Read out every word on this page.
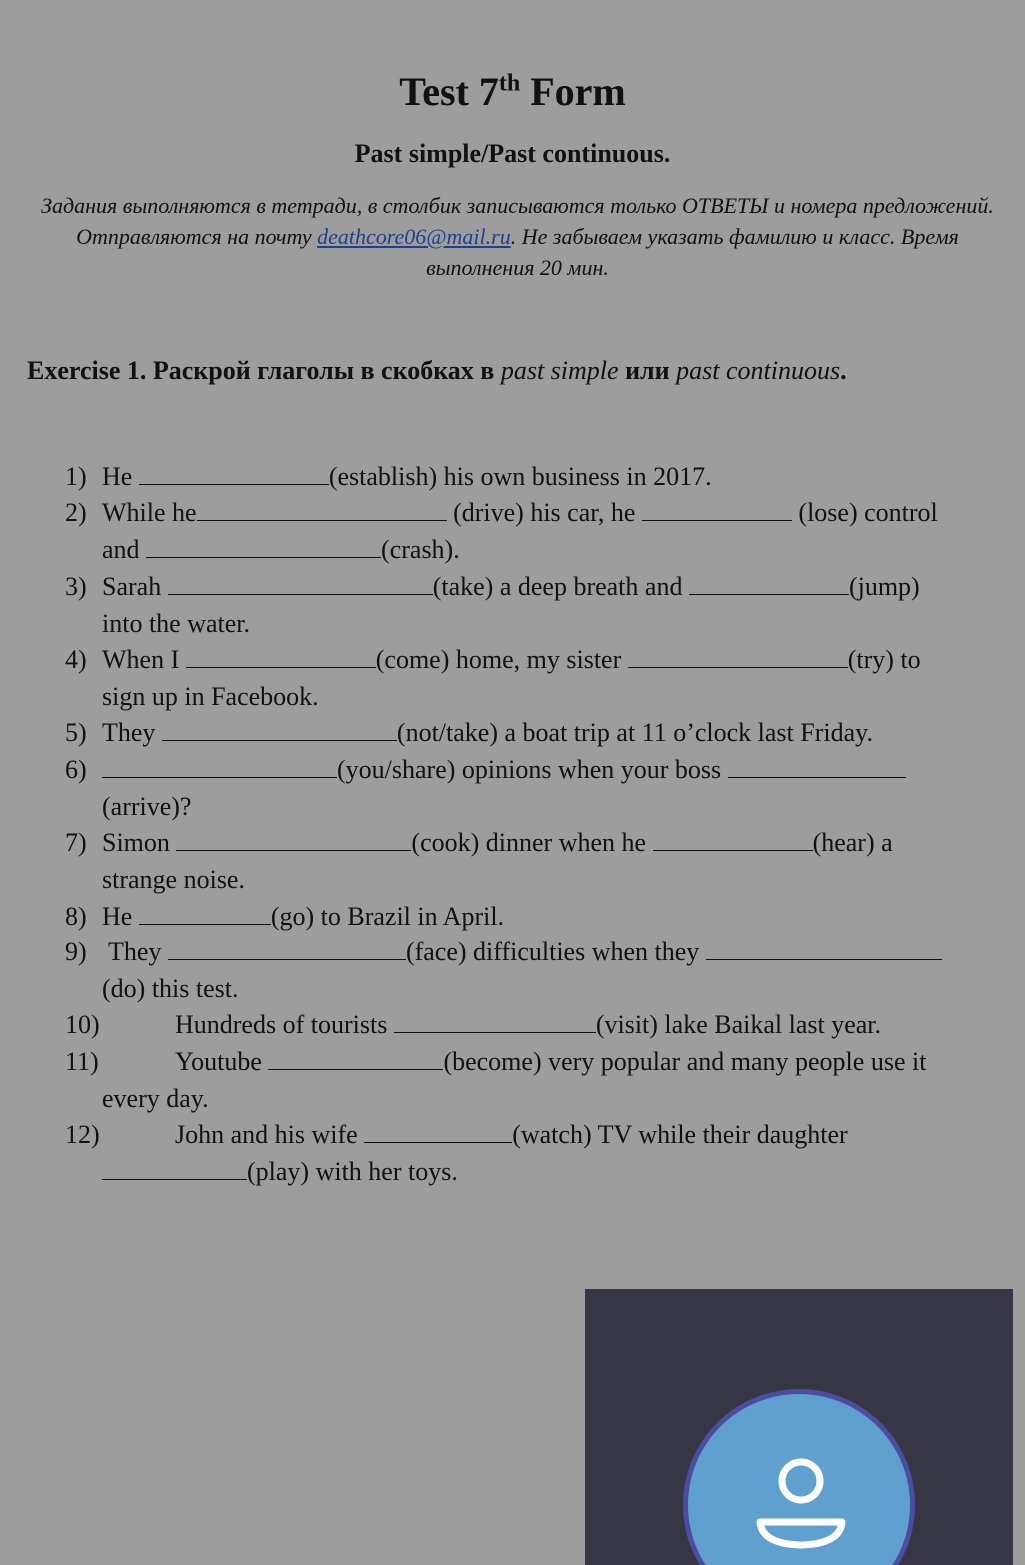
Test 7th Form
Past simple/Past continuous.
Задания выполняются в тетради, в столбик записываются только ОТВЕТЫ и номера предложений. Отправляются на почту deathcore06@mail.ru. Не забываем указать фамилию и класс. Время выполнения 20 мин.
Exercise 1. Раскрой глаголы в скобках в past simple или past continuous.
1) He	(establish) his own business in 2017.
2) While he	(drive) his car, he	(lose) control
and	(crash).
3) Sarah	(take) a deep breath and	(jump)
into the water.
4) When I	(come) home, my sister	(try) to
sign up in Facebook.
5) They	(not/take) a boat trip at 11 o’clock last Friday.
6)	(you/share) opinions when your boss
(arrive)?
7) Simon	(cook) dinner when he	(hear) a
strange noise.
8) He	(go) to Brazil in April.
9) They	(face) difficulties when they
(do) this test.
10)	Hundreds of tourists	(visit) lake Baikal last year.
11)	Youtube	(become) very popular and many people use it
every day.
12)	John and his wife	(watch) TV while their daughter
(play) with her toys.
